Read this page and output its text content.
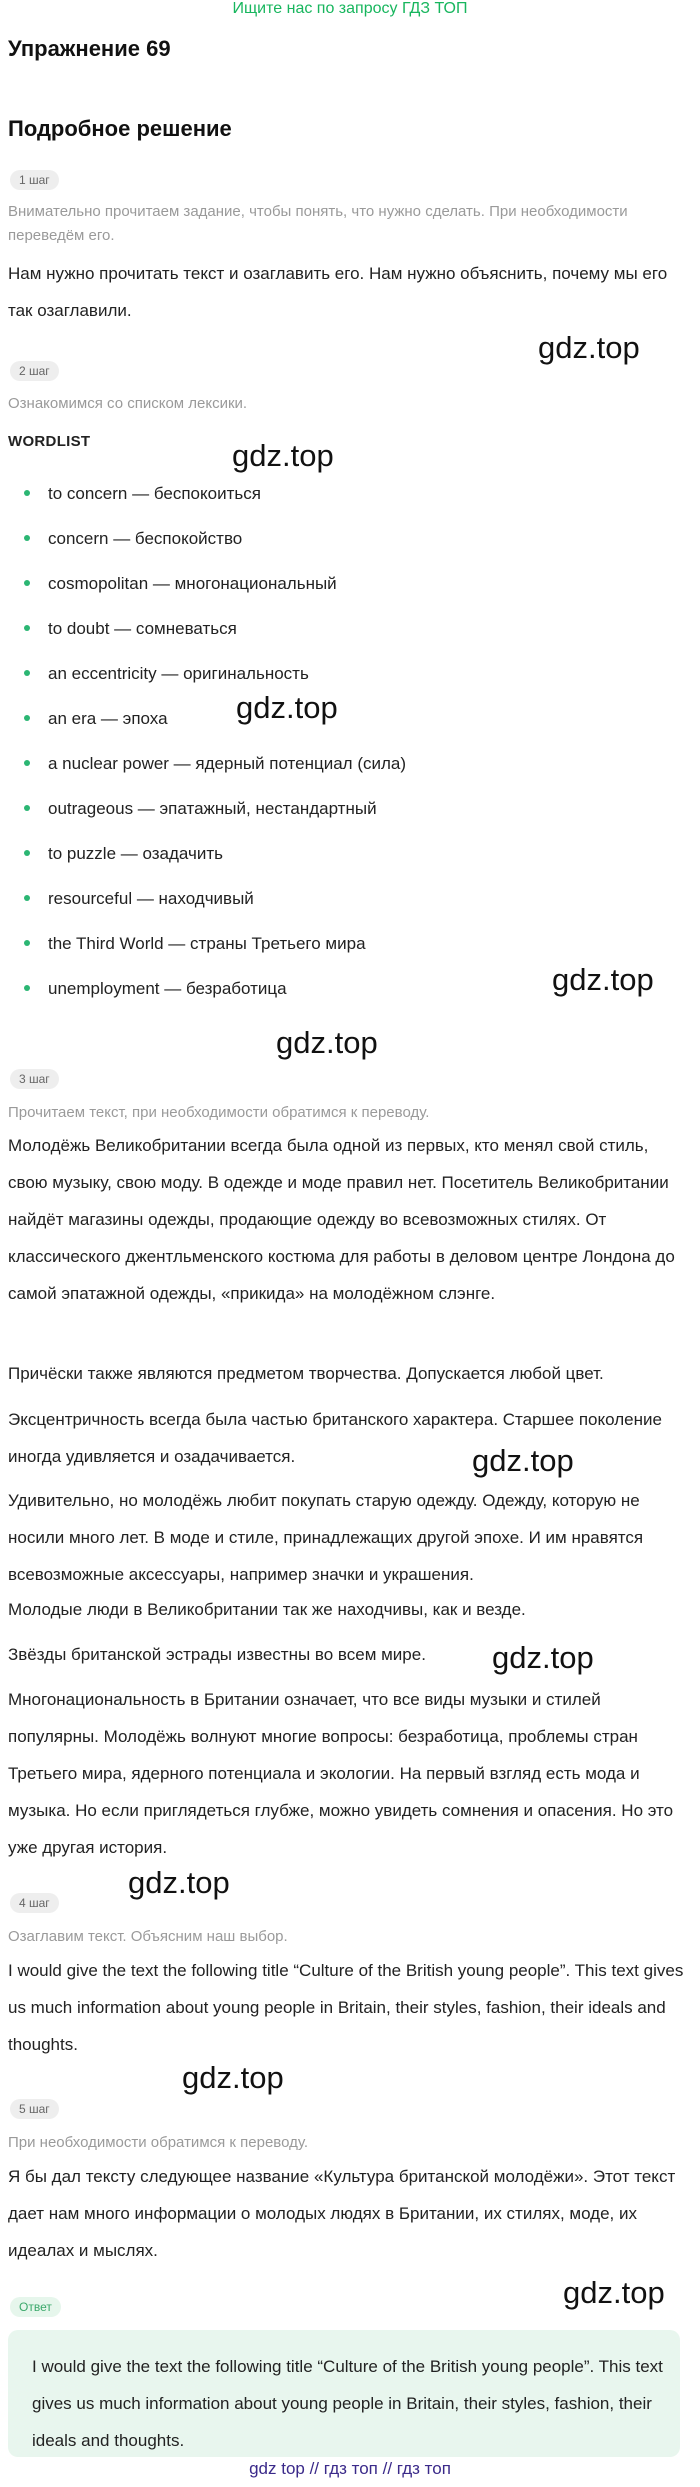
Ищите нас по запросу ГДЗ ТОП
Упражнение 69
Подробное решение
1 шаг
Внимательно прочитаем задание, чтобы понять, что нужно сделать. При необходимости переведём его.
Нам нужно прочитать текст и озаглавить его. Нам нужно объяснить, почему мы его так озаглавили.
gdz.top
2 шаг
Ознакомимся со списком лексики.
WORDLIST	gdz.top
to concern — беспокоиться
concern — беспокойство
cosmopolitan — многонациональный
to doubt — сомневаться
an eccentricity — оригинальность
gdz.top
an era — эпоха
a nuclear power — ядерный потенциал (сила)
outrageous — эпатажный, нестандартный
to puzzle — озадачить
resourceful — находчивый
the Third World — страны Третьего мира
gdz.top
unemployment — безработица
gdz.top
3 шаг
Прочитаем текст, при необходимости обратимся к переводу.
Молодёжь Великобритании всегда была одной из первых, кто менял свой стиль, свою музыку, свою моду. В одежде и моде правил нет. Посетитель Великобритании найдёт магазины одежды, продающие одежду во всевозможных стилях. От классического джентльменского костюма для работы в деловом центре Лондона до самой эпатажной одежды, «прикида» на молодёжном слэнге.
Причёски также являются предметом творчества. Допускается любой цвет.
Эксцентричность всегда была частью британского характера. Старшее поколение иногда удивляется и озадачивается.	gdz.top
Удивительно, но молодёжь любит покупать старую одежду. Одежду, которую не носили много лет. В моде и стиле, принадлежащих другой эпохе. И им нравятся всевозможные аксессуары, например значки и украшения.
Молодые люди в Великобритании так же находчивы, как и везде.
Звёзды британской эстрады известны во всем мире.	gdz.top
Многонациональность в Британии означает, что все виды музыки и стилей популярны. Молодёжь волнуют многие вопросы: безработица, проблемы стран Третьего мира, ядерного потенциала и экологии. На первый взгляд есть мода и музыка. Но если приглядеться глубже, можно увидеть сомнения и опасения. Но это уже другая история.
gdz.top
4 шаг
Озаглавим текст. Объясним наш выбор.
I would give the text the following title “Culture of the British young people”. This text gives us much information about young people in Britain, their styles, fashion, their ideals and thoughts.
gdz.top
5 шаг
При необходимости обратимся к переводу.
Я бы дал тексту следующее название «Культура британской молодёжи». Этот текст дает нам много информации о молодых людях в Британии, их стилях, моде, их идеалах и мыслях.
gdz.top
Ответ
I would give the text the following title “Culture of the British young people”. This text gives us much information about young people in Britain, their styles, fashion, their ideals and thoughts.
gdz top // гдз топ // гдз топ
